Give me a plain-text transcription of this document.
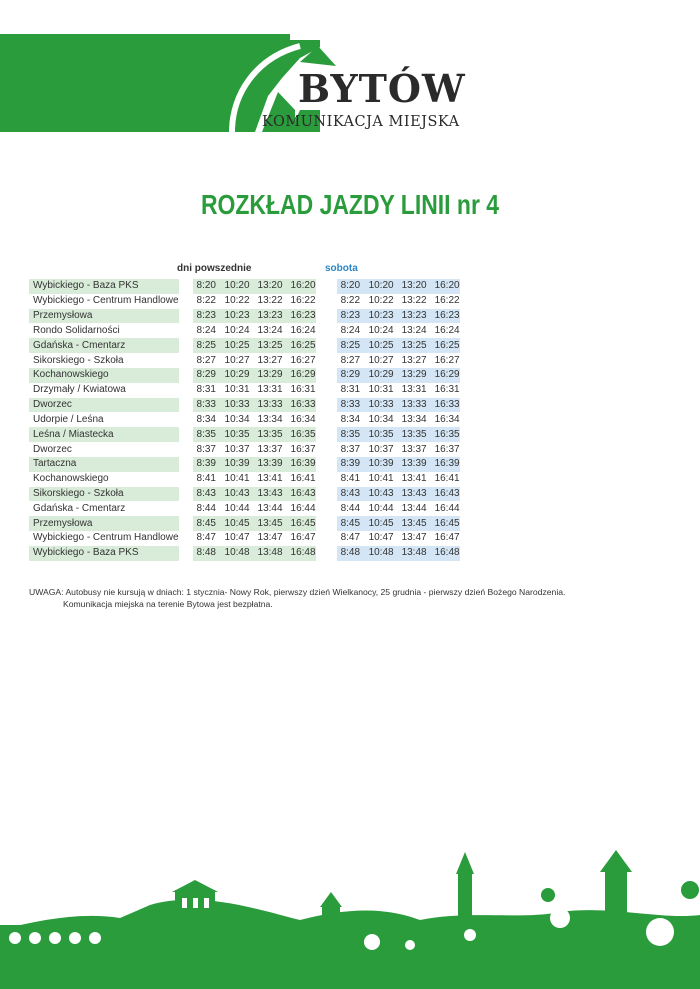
BYTÓW
KOMUNIKACJA MIEJSKA
ROZKŁAD JAZDY LINII nr 4
dni powszednie	sobota
Wybickiego - Baza PKS		8:20	10:20	13:20	16:20		8:20	10:20	13:20	16:20
Wybickiego - Centrum Handlowe		8:22	10:22	13:22	16:22		8:22	10:22	13:22	16:22
Przemysłowa		8:23	10:23	13:23	16:23		8:23	10:23	13:23	16:23
Rondo Solidarności		8:24	10:24	13:24	16:24		8:24	10:24	13:24	16:24
Gdańska - Cmentarz		8:25	10:25	13:25	16:25		8:25	10:25	13:25	16:25
Sikorskiego - Szkoła		8:27	10:27	13:27	16:27		8:27	10:27	13:27	16:27
Kochanowskiego		8:29	10:29	13:29	16:29		8:29	10:29	13:29	16:29
Drzymały / Kwiatowa		8:31	10:31	13:31	16:31		8:31	10:31	13:31	16:31
Dworzec		8:33	10:33	13:33	16:33		8:33	10:33	13:33	16:33
Udorpie / Leśna		8:34	10:34	13:34	16:34		8:34	10:34	13:34	16:34
Leśna / Miastecka		8:35	10:35	13:35	16:35		8:35	10:35	13:35	16:35
Dworzec		8:37	10:37	13:37	16:37		8:37	10:37	13:37	16:37
Tartaczna		8:39	10:39	13:39	16:39		8:39	10:39	13:39	16:39
Kochanowskiego		8:41	10:41	13:41	16:41		8:41	10:41	13:41	16:41
Sikorskiego - Szkoła		8:43	10:43	13:43	16:43		8:43	10:43	13:43	16:43
Gdańska - Cmentarz		8:44	10:44	13:44	16:44		8:44	10:44	13:44	16:44
Przemysłowa		8:45	10:45	13:45	16:45		8:45	10:45	13:45	16:45
Wybickiego - Centrum Handlowe		8:47	10:47	13:47	16:47		8:47	10:47	13:47	16:47
Wybickiego - Baza PKS		8:48	10:48	13:48	16:48		8:48	10:48	13:48	16:48
UWAGA: Autobusy nie kursują w dniach: 1 stycznia- Nowy Rok, pierwszy dzień Wielkanocy, 25 grudnia - pierwszy dzień Bożego Narodzenia.
Komunikacja miejska na terenie Bytowa jest bezpłatna.
